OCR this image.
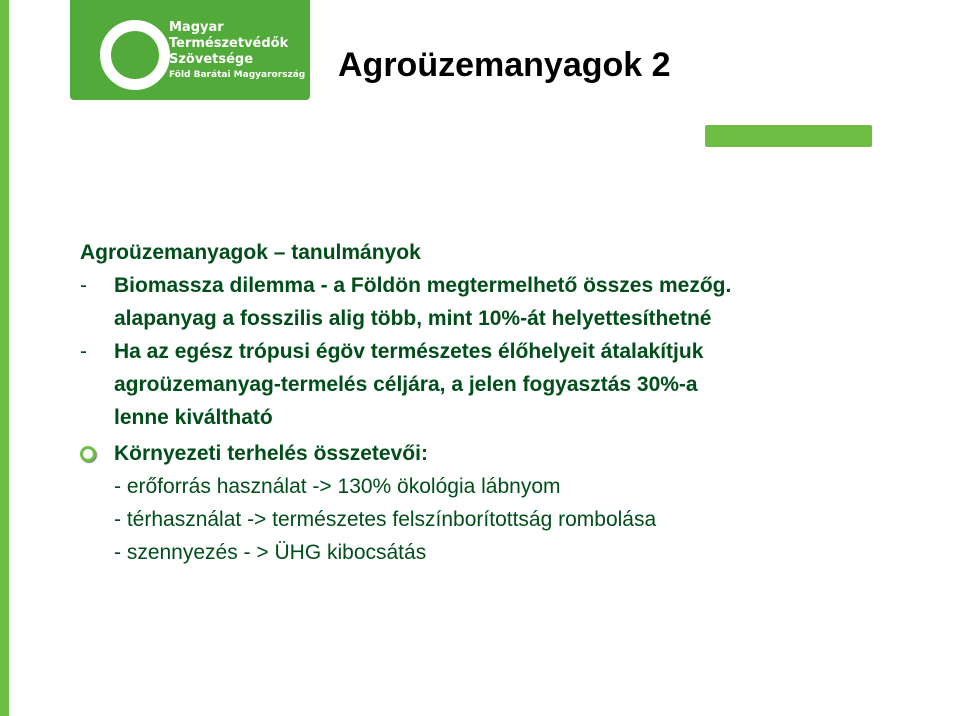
Magyar
Természetvédők
Szövetsége
Föld Barátai Magyarország Agroüzemanyagok 2
Agroüzemanyagok – tanulmányok
- Biomassza dilemma - a Földön megtermelhető összes mezőg.
alapanyag a fosszilis alig több, mint 10%-át helyettesíthetné
- Ha az egész trópusi égöv természetes élőhelyeit átalakítjuk
agroüzemanyag-termelés céljára, a jelen fogyasztás 30%-a
lenne kiváltható
Környezeti terhelés összetevői:
- erőforrás használat -> 130% ökológia lábnyom
- térhasználat -> természetes felszínborítottság rombolása
- szennyezés - > ÜHG kibocsátás
